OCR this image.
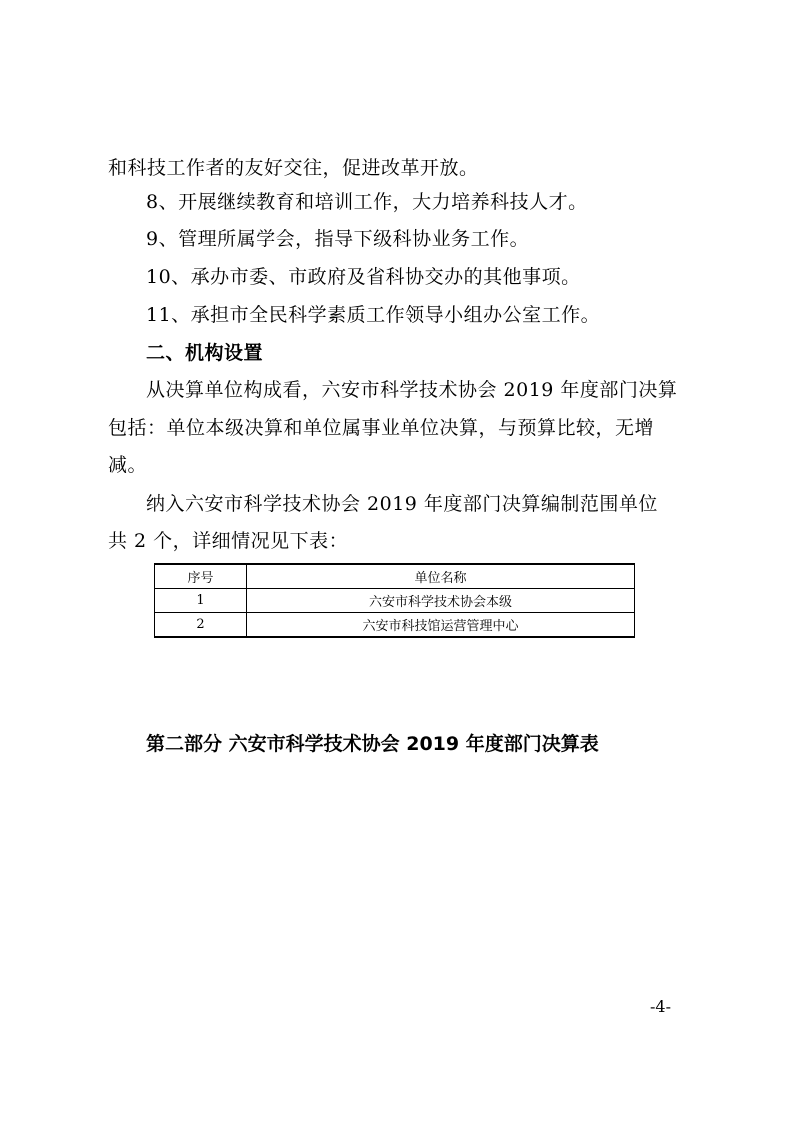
和科技工作者的友好交往，促进改革开放。
8、开展继续教育和培训工作，大力培养科技人才。
9、管理所属学会，指导下级科协业务工作。
10、承办市委、市政府及省科协交办的其他事项。
11、承担市全民科学素质工作领导小组办公室工作。
二、机构设置
从决算单位构成看，六安市科学技术协会 2019 年度部门决算
包括：单位本级决算和单位属事业单位决算，与预算比较，无增
减。
纳入六安市科学技术协会 2019 年度部门决算编制范围单位
共 2 个，详细情况见下表：
序号	单位名称
1	六安市科学技术协会本级
2	六安市科技馆运营管理中心
第二部分 六安市科学技术协会 2019 年度部门决算表
-4-
